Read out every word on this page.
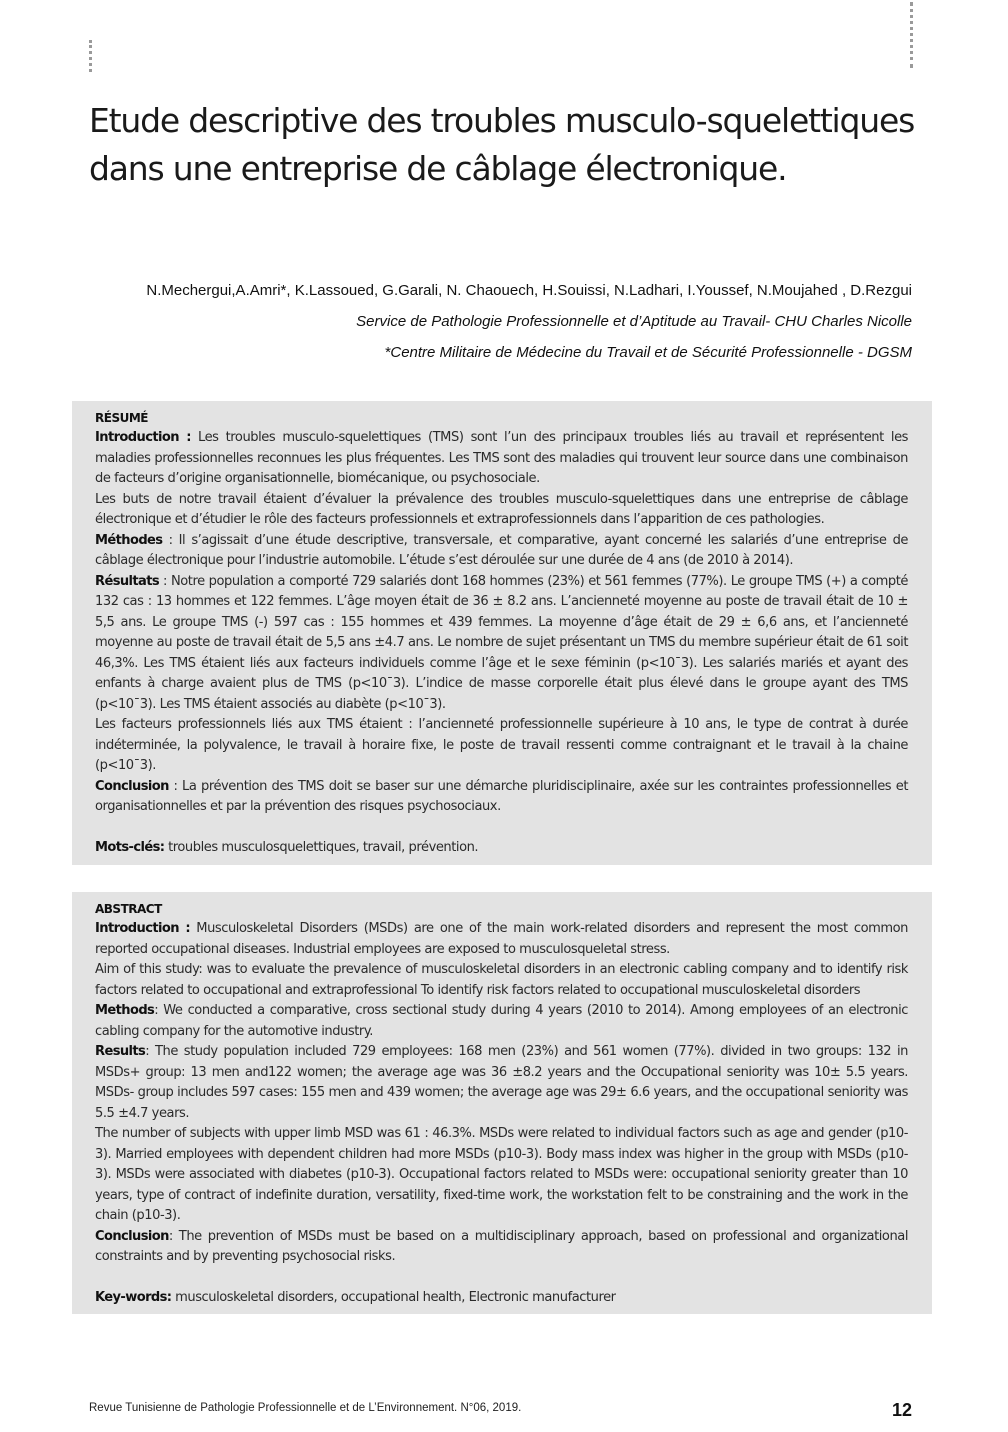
Etude descriptive des troubles musculo-squelettiques dans une entreprise de câblage électronique.
N.Mechergui,A.Amri*, K.Lassoued, G.Garali, N. Chaouech, H.Souissi, N.Ladhari, I.Youssef, N.Moujahed , D.Rezgui
Service de Pathologie Professionnelle et d’Aptitude au Travail- CHU Charles Nicolle
*Centre Militaire de Médecine du Travail et de Sécurité Professionnelle - DGSM
RÉSUMÉ

Introduction : Les troubles musculo-squelettiques (TMS) sont l’un des principaux troubles liés au travail et représentent les maladies professionnelles reconnues les plus fréquentes. Les TMS sont des maladies qui trouvent leur source dans une combinaison de facteurs d’origine organisationnelle, biomécanique, ou psychosociale.

Les buts de notre travail étaient d’évaluer la prévalence des troubles musculo-squelettiques dans une entreprise de câblage électronique et d’étudier le rôle des facteurs professionnels et extraprofessionnels dans l’apparition de ces pathologies.

Méthodes : Il s’agissait d’une étude descriptive, transversale, et comparative, ayant concerné les salariés d’une entreprise de câblage électronique pour l’industrie automobile. L’étude s’est déroulée sur une durée de 4 ans (de 2010 à 2014).

Résultats : Notre population a comporté 729 salariés dont 168 hommes (23%) et 561 femmes (77%). Le groupe TMS (+) a compté 132 cas : 13 hommes et 122 femmes. L’âge moyen était de 36 ± 8.2 ans. L’ancienneté moyenne au poste de travail était de 10 ± 5,5 ans. Le groupe TMS (-) 597 cas : 155 hommes et 439 femmes. La moyenne d’âge était de 29 ± 6,6 ans, et l’ancienneté moyenne au poste de travail était de 5,5 ans ±4.7 ans. Le nombre de sujet présentant un TMS du membre supérieur était de 61 soit 46,3%. Les TMS étaient liés aux facteurs individuels comme l’âge et le sexe féminin (p<10¯3). Les salariés mariés et ayant des enfants à charge avaient plus de TMS (p<10¯3). L’indice de masse corporelle était plus élevé dans le groupe ayant des TMS (p<10¯3). Les TMS étaient associés au diabète (p<10¯3).

Les facteurs professionnels liés aux TMS étaient : l’ancienneté professionnelle supérieure à 10 ans, le type de contrat à durée indéterminée, la polyvalence, le travail à horaire fixe, le poste de travail ressenti comme contraignant et le travail à la chaine (p<10¯3).

Conclusion : La prévention des TMS doit se baser sur une démarche pluridisciplinaire, axée sur les contraintes professionnelles et organisationnelles et par la prévention des risques psychosociaux.

Mots-clés: troubles musculosquelettiques, travail, prévention.

ABSTRACT

Introduction : Musculoskeletal Disorders (MSDs) are one of the main work-related disorders and represent the most common reported occupational diseases. Industrial employees are exposed to musculosqueletal stress.

Aim of this study: was to evaluate the prevalence of musculoskeletal disorders in an electronic cabling company and to identify risk factors related to occupational and extraprofessional To identify risk factors related to occupational musculoskeletal disorders

Methods: We conducted a comparative, cross sectional study during 4 years (2010 to 2014). Among employees of an electronic cabling company for the automotive industry.

Results: The study population included 729 employees: 168 men (23%) and 561 women (77%). divided in two groups: 132 in MSDs+ group: 13 men and122 women; the average age was 36 ±8.2 years and the Occupational seniority was 10± 5.5 years. MSDs- group includes 597 cases: 155 men and 439 women; the average age was 29± 6.6 years, and the occupational seniority was 5.5 ±4.7 years.

The number of subjects with upper limb MSD was 61 : 46.3%. MSDs were related to individual factors such as age and gender (p10-3). Married employees with dependent children had more MSDs (p10-3). Body mass index was higher in the group with MSDs (p10-3). MSDs were associated with diabetes (p10-3). Occupational factors related to MSDs were: occupational seniority greater than 10 years, type of contract of indefinite duration, versatility, fixed-time work, the workstation felt to be constraining and the work in the chain (p10-3).

Conclusion: The prevention of MSDs must be based on a multidisciplinary approach, based on professional and organizational constraints and by preventing psychosocial risks.

Key-words: musculoskeletal disorders, occupational health, Electronic manufacturer

Revue Tunisienne de Pathologie Professionnelle et de L’Environnement. N°06, 2019.	12
